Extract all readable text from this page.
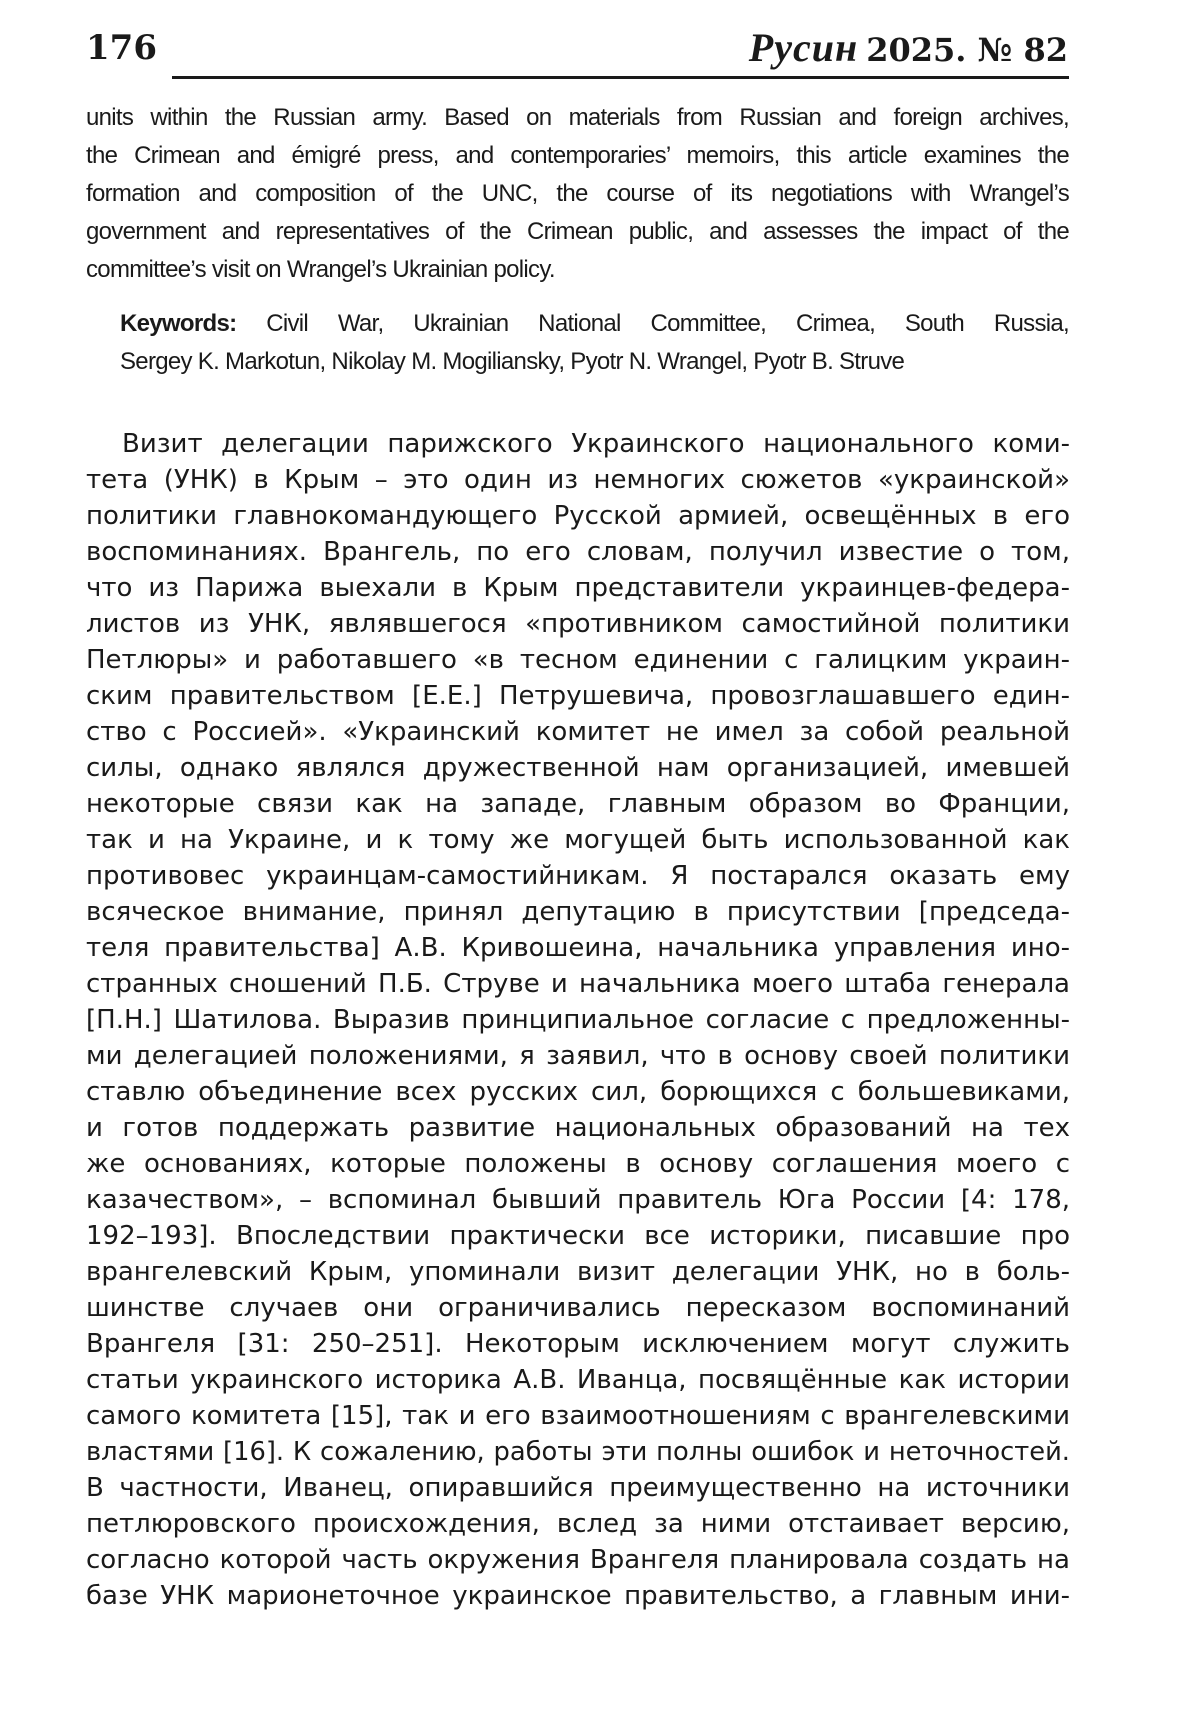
176	Русин 2025. № 82

units within the Russian army. Based on materials from Russian and foreign archives,
the Crimean and émigré press, and contemporaries’ memoirs, this article examines the
formation and composition of the UNC, the course of its negotiations with Wrangel’s
government and representatives of the Crimean public, and assesses the impact of the
committee’s visit on Wrangel’s Ukrainian policy.

Keywords: Civil War, Ukrainian National Committee, Crimea, South Russia,
Sergey K. Markotun, Nikolay M. Mogiliansky, Pyotr N. Wrangel, Pyotr B. Struve

Визит делегации парижского Украинского национального коми-
тета (УНК) в Крым – это один из немногих сюжетов «украинской»
политики главнокомандующего Русской армией, освещённых в его
воспоминаниях. Врангель, по его словам, получил известие о том,
что из Парижа выехали в Крым представители украинцев-федера-
листов из УНК, являвшегося «противником самостийной политики
Петлюры» и работавшего «в тесном единении с галицким украин-
ским правительством [Е.Е.] Петрушевича, провозглашавшего един-
ство с Россией». «Украинский комитет не имел за собой реальной
силы, однако являлся дружественной нам организацией, имевшей
некоторые связи как на западе, главным образом во Франции,
так и на Украине, и к тому же могущей быть использованной как
противовес украинцам-самостийникам. Я постарался оказать ему
всяческое внимание, принял депутацию в присутствии [председа-
теля правительства] А.В. Кривошеина, начальника управления ино-
странных сношений П.Б. Струве и начальника моего штаба генерала
[П.Н.] Шатилова. Выразив принципиальное согласие с предложенны-
ми делегацией положениями, я заявил, что в основу своей политики
ставлю объединение всех русских сил, борющихся с большевиками,
и готов поддержать развитие национальных образований на тех
же основаниях, которые положены в основу соглашения моего с
казачеством», – вспоминал бывший правитель Юга России [4: 178,
192–193]. Впоследствии практически все историки, писавшие про
врангелевский Крым, упоминали визит делегации УНК, но в боль-
шинстве случаев они ограничивались пересказом воспоминаний
Врангеля [31: 250–251]. Некоторым исключением могут служить
статьи украинского историка А.В. Иванца, посвящённые как истории
самого комитета [15], так и его взаимоотношениям с врангелевскими
властями [16]. К сожалению, работы эти полны ошибок и неточностей.
В частности, Иванец, опиравшийся преимущественно на источники
петлюровского происхождения, вслед за ними отстаивает версию,
согласно которой часть окружения Врангеля планировала создать на
базе УНК марионеточное украинское правительство, а главным ини-
